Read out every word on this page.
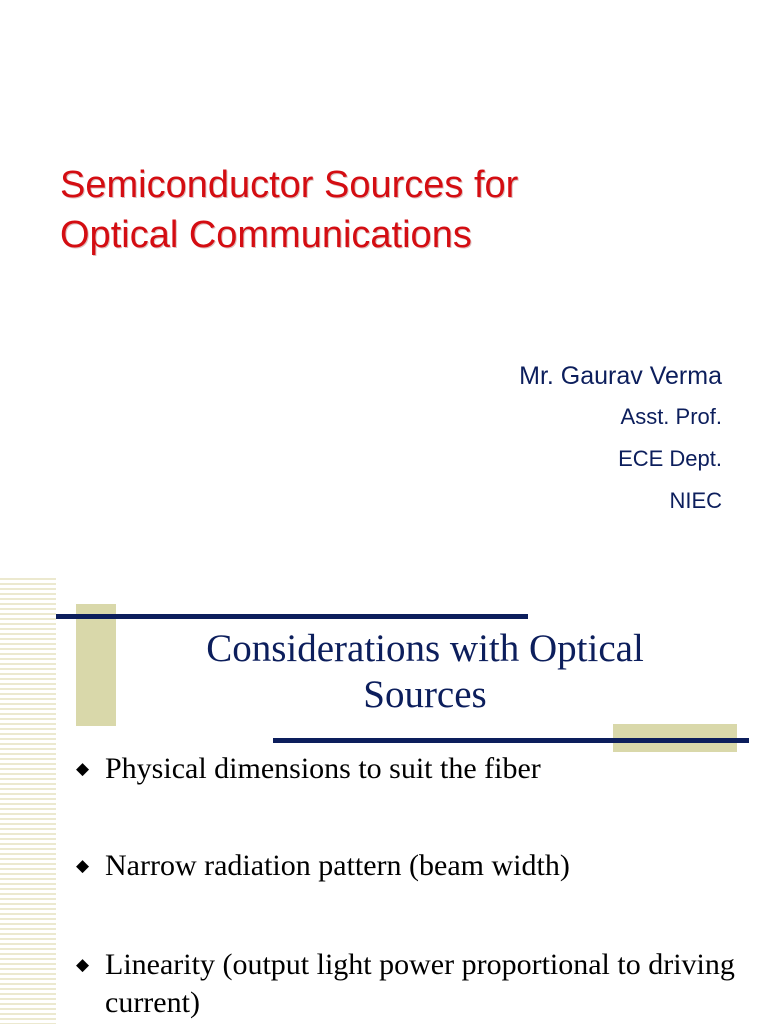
Semiconductor Sources for
Optical Communications
Mr. Gaurav Verma
Asst. Prof.
ECE Dept.
NIEC
Considerations with Optical
Sources
◆ Physical dimensions to suit the fiber
◆ Narrow radiation pattern (beam width)
◆ Linearity (output light power proportional to driving current)
